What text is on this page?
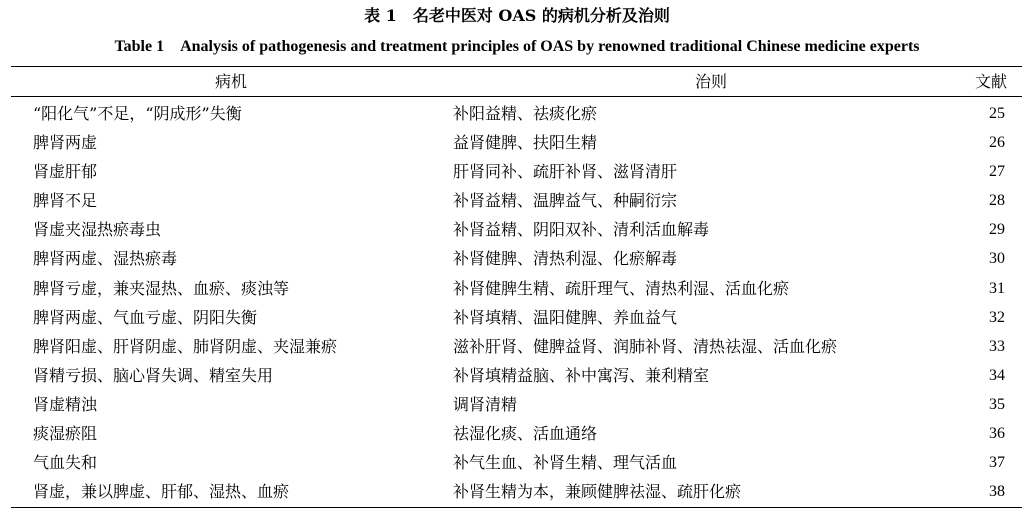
表 1　名老中医对 OAS 的病机分析及治则
Table 1　Analysis of pathogenesis and treatment principles of OAS by renowned traditional Chinese medicine experts
病机	治则	文献
“阳化气”不足，“阴成形”失衡	补阳益精、祛痰化瘀	25
脾肾两虚	益肾健脾、扶阳生精	26
肾虚肝郁	肝肾同补、疏肝补肾、滋肾清肝	27
脾肾不足	补肾益精、温脾益气、种嗣衍宗	28
肾虚夹湿热瘀毒虫	补肾益精、阴阳双补、清利活血解毒	29
脾肾两虚、湿热瘀毒	补肾健脾、清热利湿、化瘀解毒	30
脾肾亏虚，兼夹湿热、血瘀、痰浊等	补肾健脾生精、疏肝理气、清热利湿、活血化瘀	31
脾肾两虚、气血亏虚、阴阳失衡	补肾填精、温阳健脾、养血益气	32
脾肾阳虚、肝肾阴虚、肺肾阴虚、夹湿兼瘀	滋补肝肾、健脾益肾、润肺补肾、清热祛湿、活血化瘀	33
肾精亏损、脑心肾失调、精室失用	补肾填精益脑、补中寓泻、兼利精室	34
肾虚精浊	调肾清精	35
痰湿瘀阻	祛湿化痰、活血通络	36
气血失和	补气生血、补肾生精、理气活血	37
肾虚，兼以脾虚、肝郁、湿热、血瘀	补肾生精为本，兼顾健脾祛湿、疏肝化瘀	38
